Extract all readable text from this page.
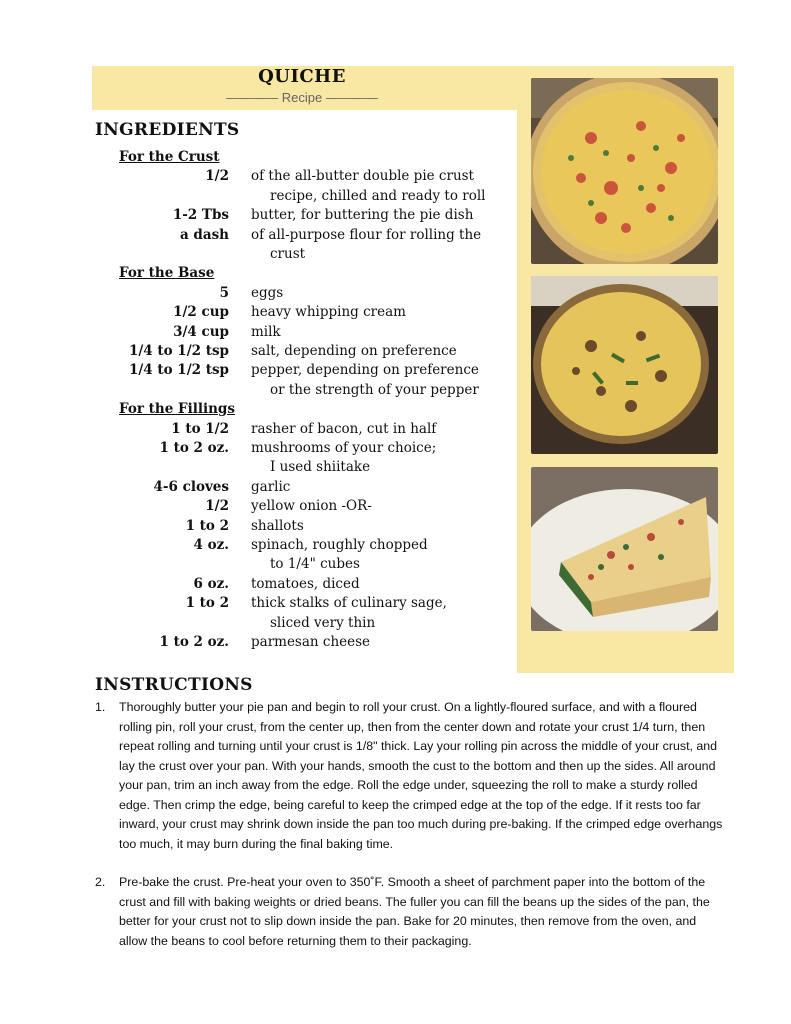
QUICHE
———— Recipe ————
INGREDIENTS
For the Crust
1/2 of the all-butter double pie crust
recipe, chilled and ready to roll
1-2 Tbs butter, for buttering the pie dish
a dash of all-purpose flour for rolling the
crust
For the Base
5 eggs
1/2 cup heavy whipping cream
3/4 cup milk
1/4 to 1/2 tsp salt, depending on preference
1/4 to 1/2 tsp pepper, depending on preference
or the strength of your pepper
For the Fillings
1 to 1/2 rasher of bacon, cut in half
1 to 2 oz. mushrooms of your choice;
I used shiitake
4-6 cloves garlic
1/2 yellow onion -OR-
1 to 2 shallots
4 oz. spinach, roughly chopped
to 1/4" cubes
6 oz. tomatoes, diced
1 to 2 thick stalks of culinary sage,
sliced very thin
1 to 2 oz. parmesan cheese
INSTRUCTIONS
1.	Thoroughly butter your pie pan and begin to roll your crust. On a lightly-floured surface, and with a floured rolling pin, roll your crust, from the center up, then from the center down and rotate your crust 1/4 turn, then repeat rolling and turning until your crust is 1/8" thick. Lay your rolling pin across the middle of your crust, and lay the crust over your pan. With your hands, smooth the cust to the bottom and then up the sides. All around your pan, trim an inch away from the edge. Roll the edge under, squeezing the roll to make a sturdy rolled edge. Then crimp the edge, being careful to keep the crimped edge at the top of the edge. If it rests too far inward, your crust may shrink down inside the pan too much during pre-baking. If the crimped edge overhangs too much, it may burn during the final baking time.
2.	Pre-bake the crust. Pre-heat your oven to 350˚F. Smooth a sheet of parchment paper into the bottom of the crust and fill with baking weights or dried beans. The fuller you can fill the beans up the sides of the pan, the better for your crust not to slip down inside the pan. Bake for 20 minutes, then remove from the oven, and allow the beans to cool before returning them to their packaging.
